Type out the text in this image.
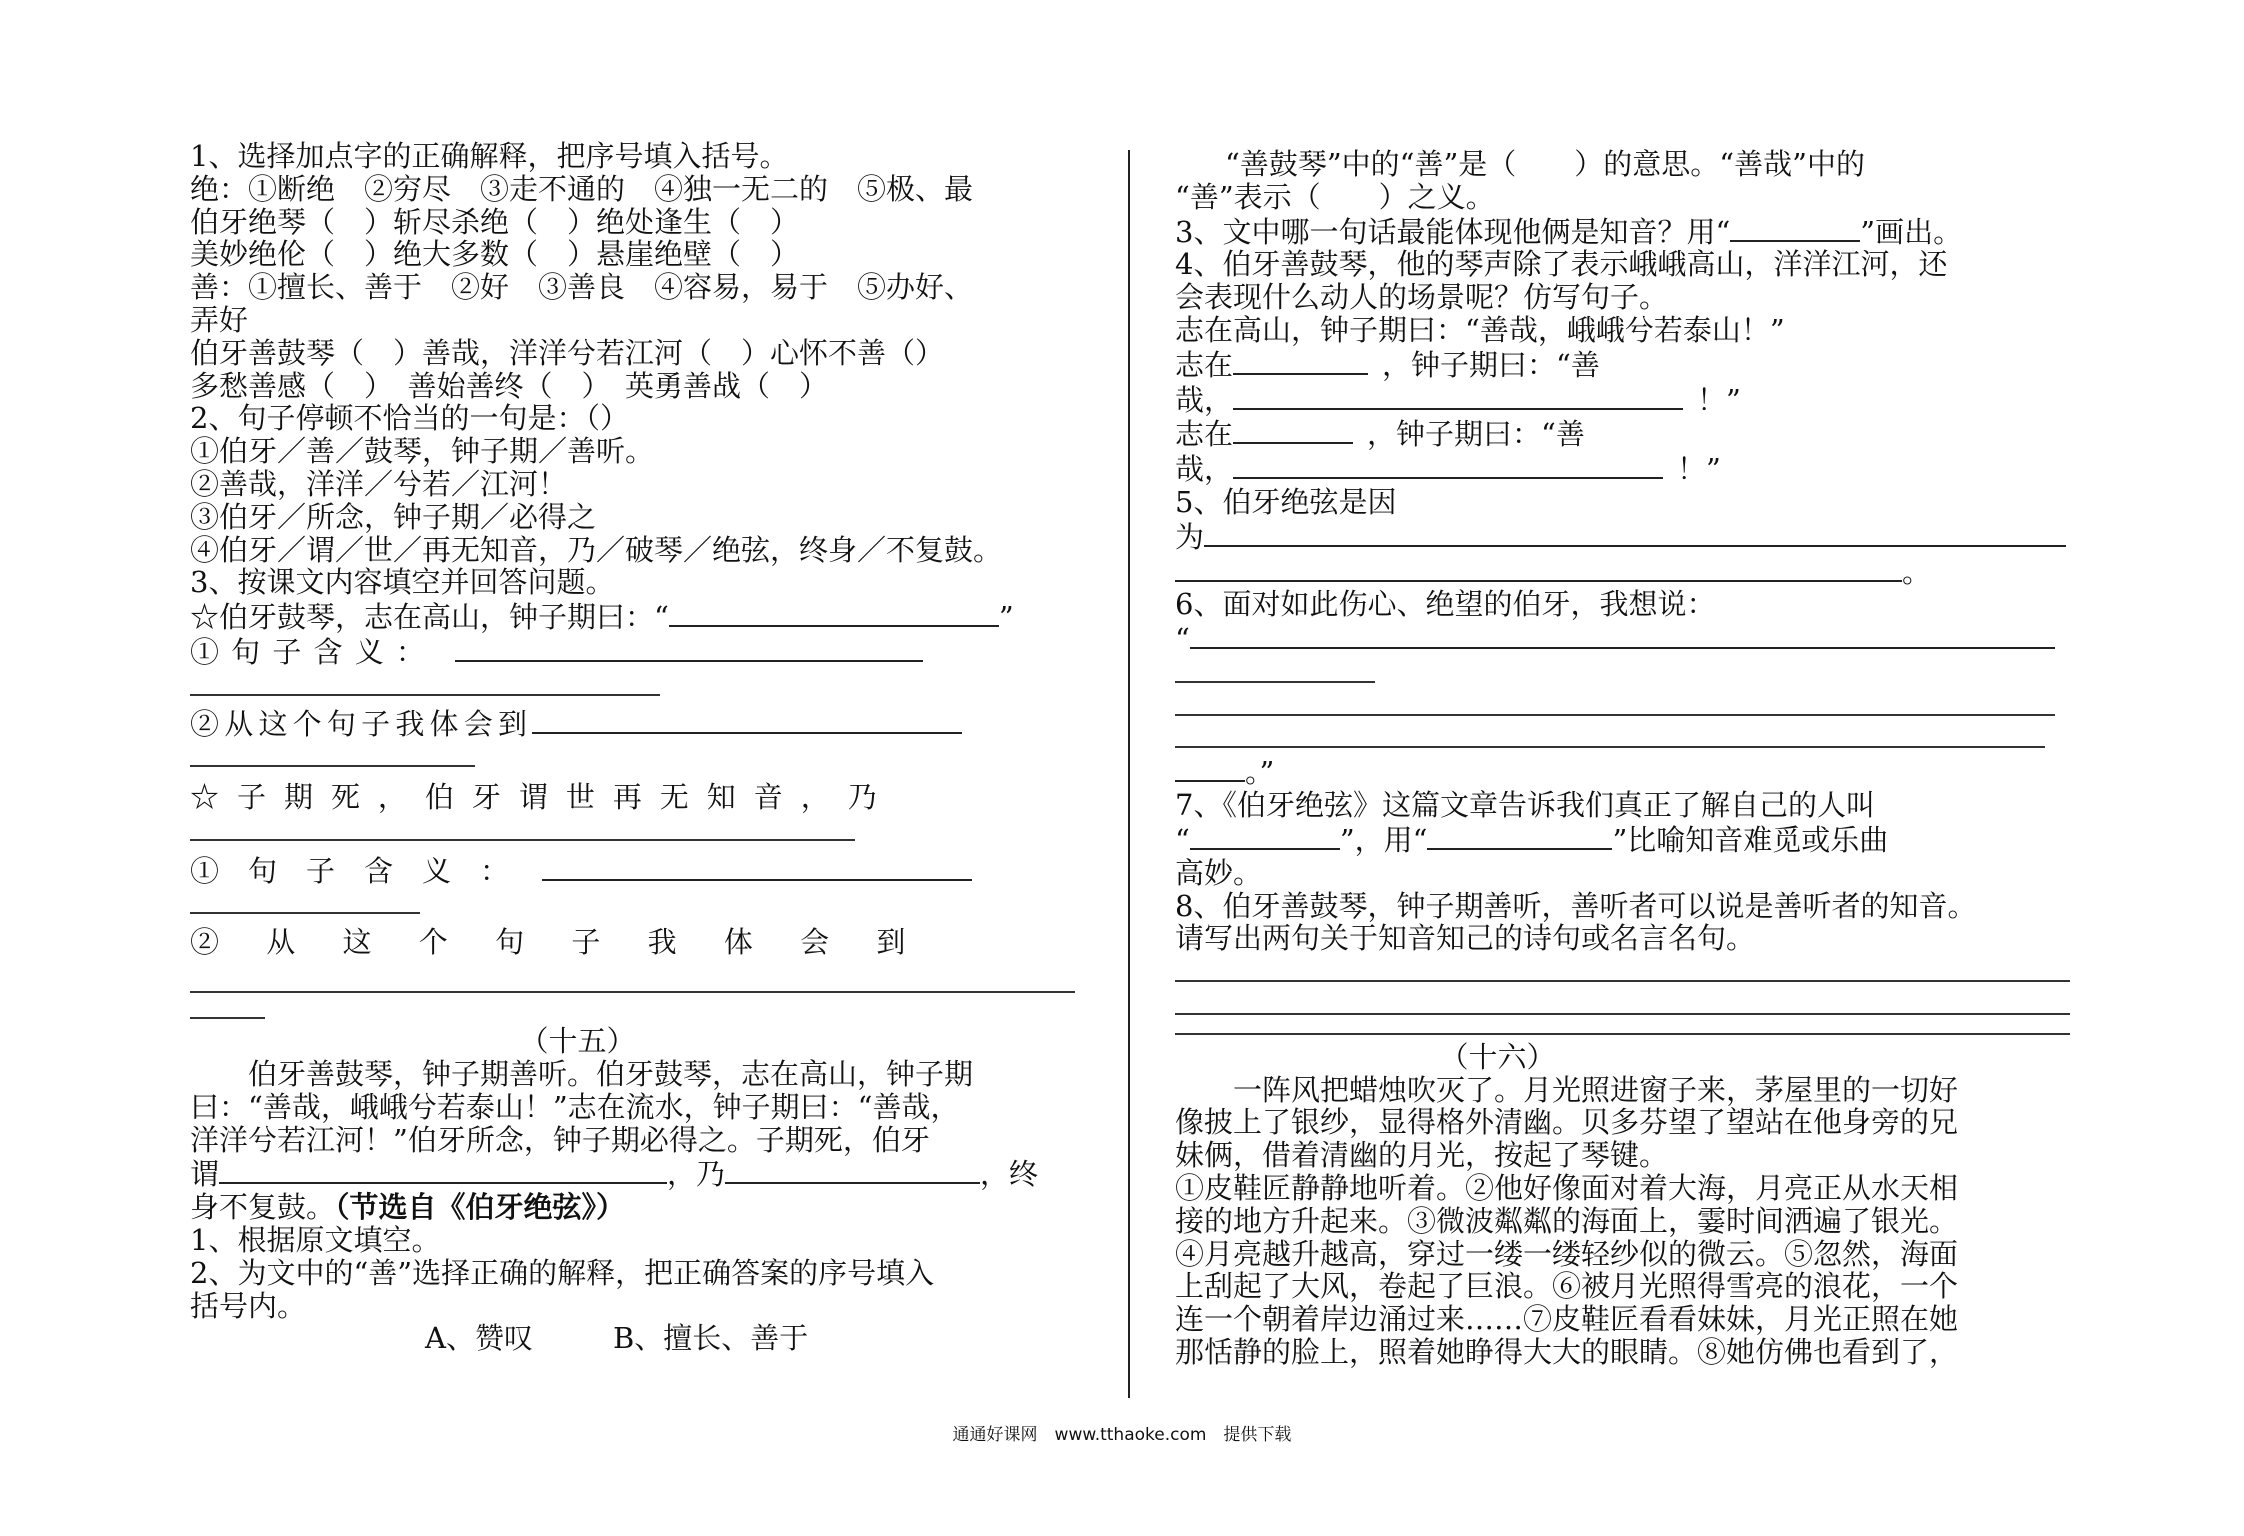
1、选择加点字的正确解释，把序号填入括号。

绝：①断绝　②穷尽　③走不通的　④独一无二的　⑤极、最

伯牙绝琴（　）斩尽杀绝（　）绝处逢生（　）

美妙绝伦（　）绝大多数（　）悬崖绝壁（　）

善：①擅长、善于　②好　③善良　④容易，易于　⑤办好、

弄好

伯牙善鼓琴（　）善哉，洋洋兮若江河（　）心怀不善（）

多愁善感（　）　善始善终（　）　英勇善战（　）

2、句子停顿不恰当的一句是：（）

①伯牙／善／鼓琴，钟子期／善听。

②善哉，洋洋／兮若／江河！

③伯牙／所念，钟子期／必得之

④伯牙／谓／世／再无知音，乃／破琴／绝弦，终身／不复鼓。

3、按课文内容填空并回答问题。

☆伯牙鼓琴，志在高山，钟子期曰：“	”

①句子含义：

②从这个句子我体会到

☆子期死，伯牙谓世再无知音，乃

①句子含义：

②从这个句子我体会到

（十五）

伯牙善鼓琴，钟子期善听。伯牙鼓琴，志在高山，钟子期

曰：“善哉，峨峨兮若泰山！”志在流水，钟子期曰：“善哉，

洋洋兮若江河！”伯牙所念，钟子期必得之。子期死，伯牙

谓	，乃	，终

身不复鼓。（节选自《伯牙绝弦》）

1、根据原文填空。

2、为文中的“善”选择正确的解释，把正确答案的序号填入

括号内。

A、赞叹	B、擅长、善于

“善鼓琴”中的“善”是（　　）的意思。“善哉”中的

“善”表示（　　）之义。

3、文中哪一句话最能体现他俩是知音？用“	”画出。

4、伯牙善鼓琴，他的琴声除了表示峨峨高山，洋洋江河，还

会表现什么动人的场景呢？仿写句子。

志在高山，钟子期曰：“善哉，峨峨兮若泰山！”

志在	，钟子期曰：“善

哉，	！”

志在	，钟子期曰：“善

哉，	！”

5、伯牙绝弦是因

为

。

6、面对如此伤心、绝望的伯牙，我想说：

“

。”

7、《伯牙绝弦》这篇文章告诉我们真正了解自己的人叫

“	”，用“	”比喻知音难觅或乐曲

高妙。

8、伯牙善鼓琴，钟子期善听，善听者可以说是善听者的知音。

请写出两句关于知音知己的诗句或名言名句。

（十六）

一阵风把蜡烛吹灭了。月光照进窗子来，茅屋里的一切好

像披上了银纱，显得格外清幽。贝多芬望了望站在他身旁的兄

妹俩，借着清幽的月光，按起了琴键。

①皮鞋匠静静地听着。②他好像面对着大海，月亮正从水天相

接的地方升起来。③微波粼粼的海面上，霎时间洒遍了银光。

④月亮越升越高，穿过一缕一缕轻纱似的微云。⑤忽然，海面

上刮起了大风，卷起了巨浪。⑥被月光照得雪亮的浪花，一个

连一个朝着岸边涌过来……⑦皮鞋匠看看妹妹，月光正照在她

那恬静的脸上，照着她睁得大大的眼睛。⑧她仿佛也看到了，

通通好课网　www.tthaoke.com　提供下载
